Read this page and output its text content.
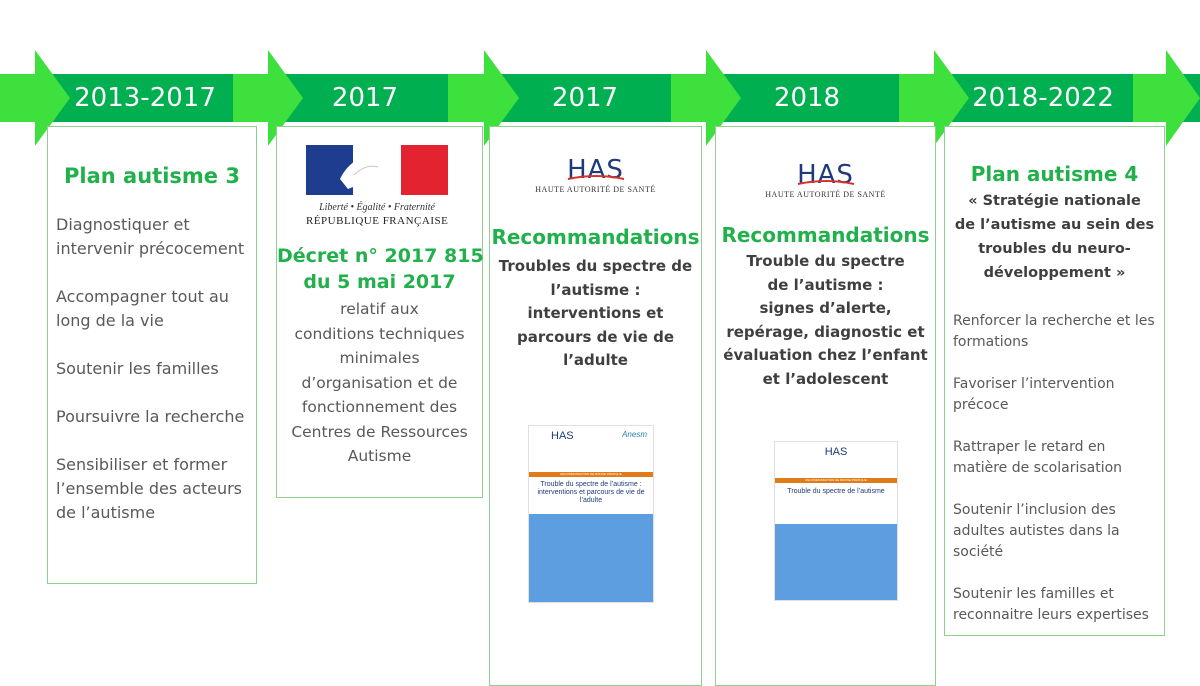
2013-2017	2017	2017	2018	2018-2022
Plan autisme 3
Diagnostiquer et intervenir précocement
Accompagner tout au long de la vie
Soutenir les familles
Poursuivre la recherche
Sensibiliser et former l’ensemble des acteurs de l’autisme
Liberté • Égalité • Fraternité
RÉPUBLIQUE FRANÇAISE
Décret n° 2017 815
du 5 mai 2017
relatif aux
conditions techniques
minimales
d’organisation et de
fonctionnement des
Centres de Ressources
Autisme
HAS
HAUTE AUTORITÉ DE SANTÉ
Recommandations
Troubles du spectre de
l’autisme :
interventions et
parcours de vie de
l’adulte
HAS	Anesm
RECOMMANDATION DE BONNE PRATIQUE
Trouble du spectre de l’autisme : interventions et parcours de vie de l’adulte
HAS
HAUTE AUTORITÉ DE SANTÉ
Recommandations
Trouble du spectre
de l’autisme :
signes d’alerte,
repérage, diagnostic et
évaluation chez l’enfant
et l’adolescent
HAS
RECOMMANDATION DE BONNE PRATIQUE
Trouble du spectre de l’autisme
Plan autisme 4
« Stratégie nationale
de l’autisme au sein des
troubles du neuro-
développement »
Renforcer la recherche et les formations
Favoriser l’intervention précoce
Rattraper le retard en matière de scolarisation
Soutenir l’inclusion des adultes autistes dans la société
Soutenir les familles et reconnaitre leurs expertises
